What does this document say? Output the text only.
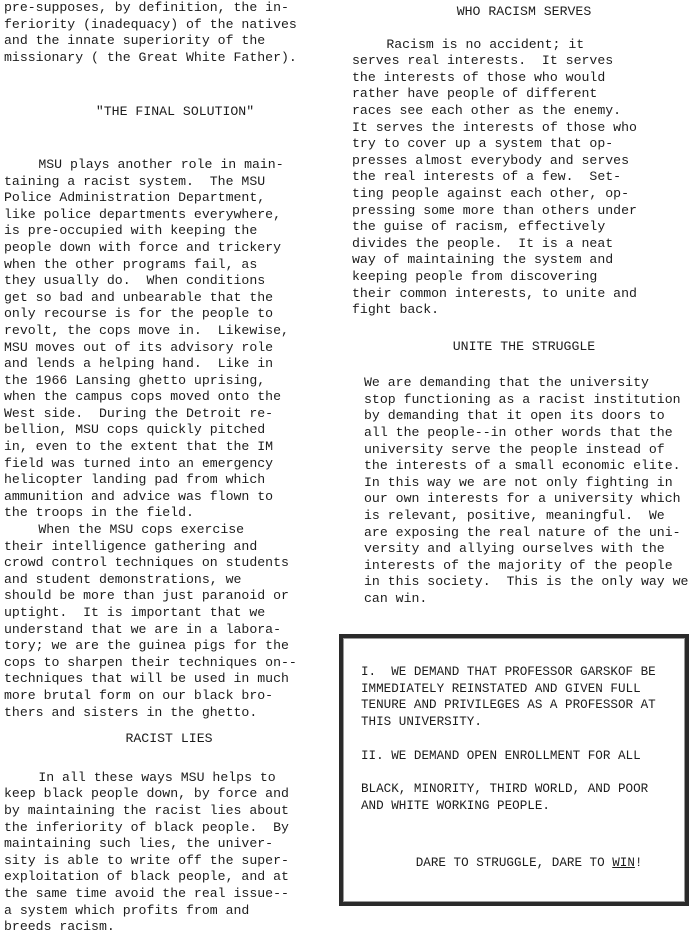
pre-supposes, by definition, the in-
feriority (inadequacy) of the natives
and the innate superiority of the
missionary ( the Great White Father).

"THE FINAL SOLUTION"

MSU plays another role in main-
taining a racist system.  The MSU
Police Administration Department,
like police departments everywhere,
is pre-occupied with keeping the
people down with force and trickery
when the other programs fail, as
they usually do.  When conditions
get so bad and unbearable that the
only recourse is for the people to
revolt, the cops move in.  Likewise,
MSU moves out of its advisory role
and lends a helping hand.  Like in
the 1966 Lansing ghetto uprising,
when the campus cops moved onto the
West side.  During the Detroit re-
bellion, MSU cops quickly pitched
in, even to the extent that the IM
field was turned into an emergency
helicopter landing pad from which
ammunition and advice was flown to
the troops in the field.

When the MSU cops exercise
their intelligence gathering and
crowd control techniques on students
and student demonstrations, we
should be more than just paranoid or
uptight.  It is important that we
understand that we are in a labora-
tory; we are the guinea pigs for the
cops to sharpen their techniques on--
techniques that will be used in much
more brutal form on our black bro-
thers and sisters in the ghetto.

RACIST LIES

In all these ways MSU helps to
keep black people down, by force and
by maintaining the racist lies about
the inferiority of black people.  By
maintaining such lies, the univer-
sity is able to write off the super-
exploitation of black people, and at
the same time avoid the real issue--
a system which profits from and
breeds racism.

WHO RACISM SERVES

Racism is no accident; it
serves real interests.  It serves
the interests of those who would
rather have people of different
races see each other as the enemy.
It serves the interests of those who
try to cover up a system that op-
presses almost everybody and serves
the real interests of a few.  Set-
ting people against each other, op-
pressing some more than others under
the guise of racism, effectively
divides the people.  It is a neat
way of maintaining the system and
keeping people from discovering
their common interests, to unite and
fight back.

UNITE THE STRUGGLE

We are demanding that the university
stop functioning as a racist institution
by demanding that it open its doors to
all the people--in other words that the
university serve the people instead of
the interests of a small economic elite.
In this way we are not only fighting in
our own interests for a university which
is relevant, positive, meaningful.  We
are exposing the real nature of the uni-
versity and allying ourselves with the
interests of the majority of the people
in this society.  This is the only way we
can win.

I.  WE DEMAND THAT PROFESSOR GARSKOF BE
IMMEDIATELY REINSTATED AND GIVEN FULL
TENURE AND PRIVILEGES AS A PROFESSOR AT
THIS UNIVERSITY.

II. WE DEMAND OPEN ENROLLMENT FOR ALL

BLACK, MINORITY, THIRD WORLD, AND POOR
AND WHITE WORKING PEOPLE.

DARE TO STRUGGLE, DARE TO WIN!
